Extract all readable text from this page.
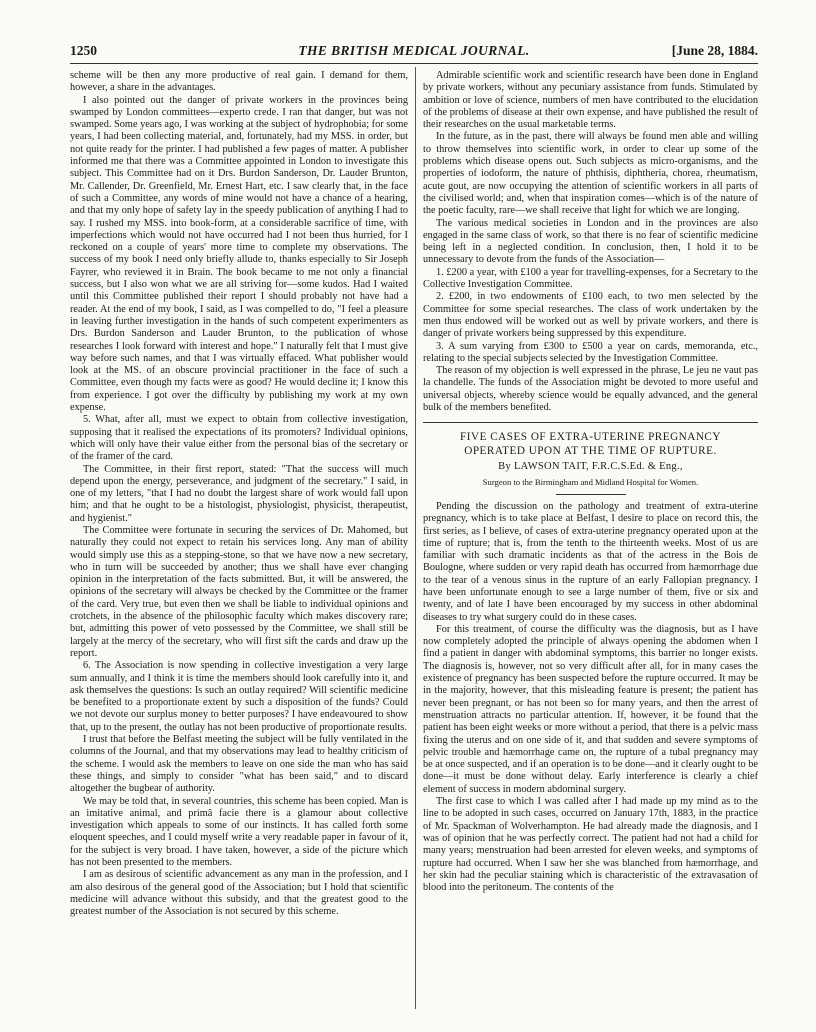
1250	THE BRITISH MEDICAL JOURNAL.	[June 28, 1884.

scheme will be then any more productive of real gain. I demand for them, however, a share in the advantages.

I also pointed out the danger of private workers in the provinces being swamped by London committees—experto crede. I ran that danger, but was not swamped. Some years ago, I was working at the subject of hydrophobia; for some years, I had been collecting material, and, fortunately, had my MSS. in order, but not quite ready for the printer. I had published a few pages of matter. A publisher informed me that there was a Committee appointed in London to investigate this subject. This Committee had on it Drs. Burdon Sanderson, Dr. Lauder Brunton, Mr. Callender, Dr. Greenfield, Mr. Ernest Hart, etc. I saw clearly that, in the face of such a Committee, any words of mine would not have a chance of a hearing, and that my only hope of safety lay in the speedy publication of anything I had to say. I rushed my MSS. into book-form, at a considerable sacrifice of time, with imperfections which would not have occurred had I not been thus hurried, for I reckoned on a couple of years' more time to complete my observations. The success of my book I need only briefly allude to, thanks especially to Sir Joseph Fayrer, who reviewed it in Brain. The book became to me not only a financial success, but I also won what we are all striving for—some kudos. Had I waited until this Committee published their report I should probably not have had a reader. At the end of my book, I said, as I was compelled to do, "I feel a pleasure in leaving further investigation in the hands of such competent experimenters as Drs. Burdon Sanderson and Lauder Brunton, to the publication of whose researches I look forward with interest and hope." I naturally felt that I must give way before such names, and that I was virtually effaced. What publisher would look at the MS. of an obscure provincial practitioner in the face of such a Committee, even though my facts were as good? He would decline it; I know this from experience. I got over the difficulty by publishing my work at my own expense.

5. What, after all, must we expect to obtain from collective investigation, supposing that it realised the expectations of its promoters? Individual opinions, which will only have their value either from the personal bias of the secretary or of the framer of the card.

The Committee, in their first report, stated: "That the success will much depend upon the energy, perseverance, and judgment of the secretary." I said, in one of my letters, "that I had no doubt the largest share of work would fall upon him; and that he ought to be a histologist, physiologist, physicist, therapeutist, and hygienist."

The Committee were fortunate in securing the services of Dr. Mahomed, but naturally they could not expect to retain his services long. Any man of ability would simply use this as a stepping-stone, so that we have now a new secretary, who in turn will be succeeded by another; thus we shall have ever changing opinion in the interpretation of the facts submitted. But, it will be answered, the opinions of the secretary will always be checked by the Committee or the framer of the card. Very true, but even then we shall be liable to individual opinions and crotchets, in the absence of the philosophic faculty which makes discovery rare; but, admitting this power of veto possessed by the Committee, we shall still be largely at the mercy of the secretary, who will first sift the cards and draw up the report.

6. The Association is now spending in collective investigation a very large sum annually, and I think it is time the members should look carefully into it, and ask themselves the questions: Is such an outlay required? Will scientific medicine be benefited to a proportionate extent by such a disposition of the funds? Could we not devote our surplus money to better purposes? I have endeavoured to show that, up to the present, the outlay has not been productive of proportionate results.

I trust that before the Belfast meeting the subject will be fully ventilated in the columns of the Journal, and that my observations may lead to healthy criticism of the scheme. I would ask the members to leave on one side the man who has said these things, and simply to consider "what has been said," and to discard altogether the bugbear of authority.

We may be told that, in several countries, this scheme has been copied. Man is an imitative animal, and primâ facie there is a glamour about collective investigation which appeals to some of our instincts. It has called forth some eloquent speeches, and I could myself write a very readable paper in favour of it, for the subject is very broad. I have taken, however, a side of the picture which has not been presented to the members.

I am as desirous of scientific advancement as any man in the profession, and I am also desirous of the general good of the Association; but I hold that scientific medicine will advance without this subsidy, and that the greatest good to the greatest number of the Association is not secured by this scheme.

Admirable scientific work and scientific research have been done in England by private workers, without any pecuniary assistance from funds. Stimulated by ambition or love of science, numbers of men have contributed to the elucidation of the problems of disease at their own expense, and have published the result of their researches on the usual marketable terms.

In the future, as in the past, there will always be found men able and willing to throw themselves into scientific work, in order to clear up some of the problems which disease opens out. Such subjects as micro-organisms, and the properties of iodoform, the nature of phthisis, diphtheria, chorea, rheumatism, acute gout, are now occupying the attention of scientific workers in all parts of the civilised world; and, when that inspiration comes—which is of the nature of the poetic faculty, rare—we shall receive that light for which we are longing.

The various medical societies in London and in the provinces are also engaged in the same class of work, so that there is no fear of scientific medicine being left in a neglected condition. In conclusion, then, I hold it to be unnecessary to devote from the funds of the Association—

1. £200 a year, with £100 a year for travelling-expenses, for a Secretary to the Collective Investigation Committee.

2. £200, in two endowments of £100 each, to two men selected by the Committee for some special researches. The class of work undertaken by the men thus endowed will be worked out as well by private workers, and there is danger of private workers being suppressed by this expenditure.

3. A sum varying from £300 to £500 a year on cards, memoranda, etc., relating to the special subjects selected by the Investigation Committee.

The reason of my objection is well expressed in the phrase, Le jeu ne vaut pas la chandelle. The funds of the Association might be devoted to more useful and universal objects, whereby science would be equally advanced, and the general bulk of the members benefited.

FIVE CASES OF EXTRA-UTERINE PREGNANCY
OPERATED UPON AT THE TIME OF RUPTURE.
By LAWSON TAIT, F.R.C.S.Ed. & Eng.,
Surgeon to the Birmingham and Midland Hospital for Women.

Pending the discussion on the pathology and treatment of extra-uterine pregnancy, which is to take place at Belfast, I desire to place on record this, the first series, as I believe, of cases of extra-uterine pregnancy operated upon at the time of rupture; that is, from the tenth to the thirteenth weeks. Most of us are familiar with such dramatic incidents as that of the actress in the Bois de Boulogne, where sudden or very rapid death has occurred from hæmorrhage due to the tear of a venous sinus in the rupture of an early Fallopian pregnancy. I have been unfortunate enough to see a large number of them, five or six and twenty, and of late I have been encouraged by my success in other abdominal diseases to try what surgery could do in these cases.

For this treatment, of course the difficulty was the diagnosis, but as I have now completely adopted the principle of always opening the abdomen when I find a patient in danger with abdominal symptoms, this barrier no longer exists. The diagnosis is, however, not so very difficult after all, for in many cases the existence of pregnancy has been suspected before the rupture occurred. It may be in the majority, however, that this misleading feature is present; the patient has never been pregnant, or has not been so for many years, and then the arrest of menstruation attracts no particular attention. If, however, it be found that the patient has been eight weeks or more without a period, that there is a pelvic mass fixing the uterus and on one side of it, and that sudden and severe symptoms of pelvic trouble and hæmorrhage came on, the rupture of a tubal pregnancy may be at once suspected, and if an operation is to be done—and it clearly ought to be done—it must be done without delay. Early interference is clearly a chief element of success in modern abdominal surgery.

The first case to which I was called after I had made up my mind as to the line to be adopted in such cases, occurred on January 17th, 1883, in the practice of Mr. Spackman of Wolverhampton. He had already made the diagnosis, and I was of opinion that he was perfectly correct. The patient had not had a child for many years; menstruation had been arrested for eleven weeks, and symptoms of rupture had occurred. When I saw her she was blanched from hæmorrhage, and her skin had the peculiar staining which is characteristic of the extravasation of blood into the peritoneum. The contents of the
